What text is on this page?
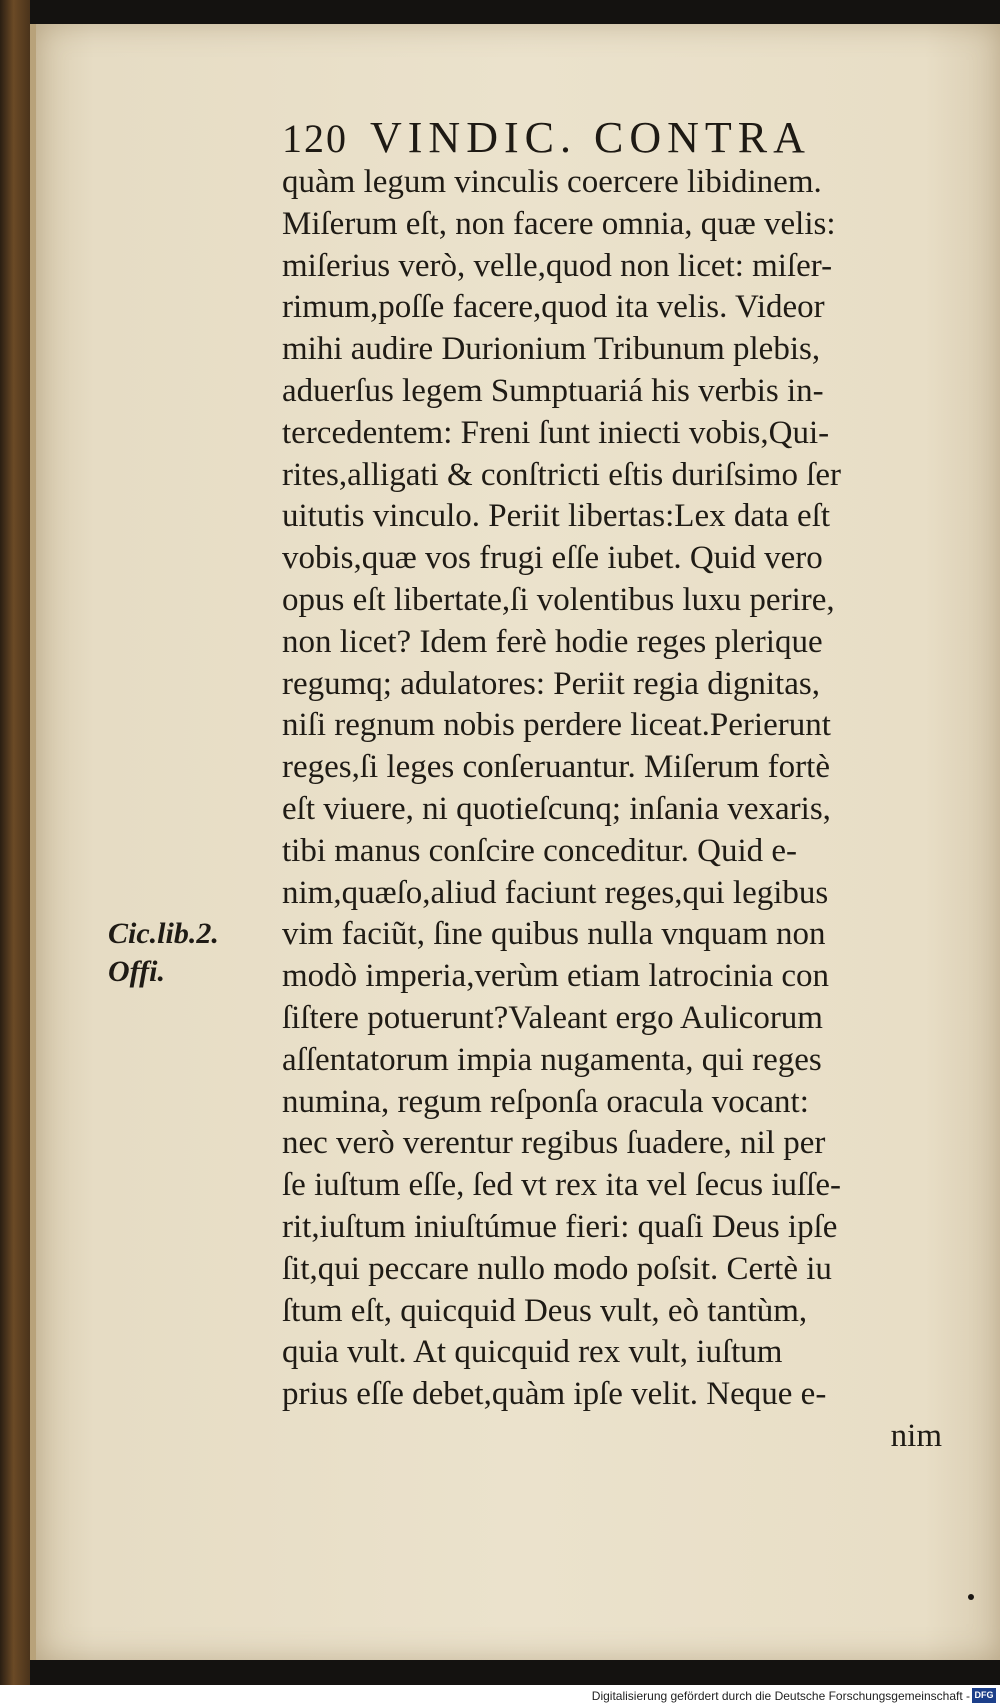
120 VINDIC. CONTRA
quàm legum vinculis coercere libidinem.
Miſerum eſt, non facere omnia, quæ velis:
miſerius verò, velle,quod non licet: miſer-
rimum,poſſe facere,quod ita velis. Videor
mihi audire Durionium Tribunum plebis,
aduerſus legem Sumptuariá his verbis in-
tercedentem: Freni ſunt iniecti vobis,Qui-
rites,alligati & conſtricti eſtis duriſsimo ſer
uitutis vinculo. Periit libertas:Lex data eſt
vobis,quæ vos frugi eſſe iubet. Quid vero
opus eſt libertate,ſi volentibus luxu perire,
non licet? Idem ferè hodie reges plerique
regumq; adulatores: Periit regia dignitas,
niſi regnum nobis perdere liceat.Perierunt
reges,ſi leges conſeruantur. Miſerum fortè
eſt viuere, ni quotieſcunq; inſania vexaris,
tibi manus conſcire conceditur. Quid e-
nim,quæſo,aliud faciunt reges,qui legibus
vim faciũt, ſine quibus nulla vnquam non
modò imperia,verùm etiam latrocinia con
ſiſtere potuerunt?Valeant ergo Aulicorum
aſſentatorum impia nugamenta, qui reges
numina, regum reſponſa oracula vocant:
nec verò verentur regibus ſuadere, nil per
ſe iuſtum eſſe, ſed vt rex ita vel ſecus iuſſe-
rit,iuſtum iniuſtúmue fieri: quaſi Deus ipſe
ſit,qui peccare nullo modo poſsit. Certè iu
ſtum eſt, quicquid Deus vult, eò tantùm,
quia vult. At quicquid rex vult, iuſtum
prius eſſe debet,quàm ipſe velit. Neque e-
nim
Cic.lib.2.
Offi.
Digitalisierung gefördert durch die Deutsche Forschungsgemeinschaft - DFG
